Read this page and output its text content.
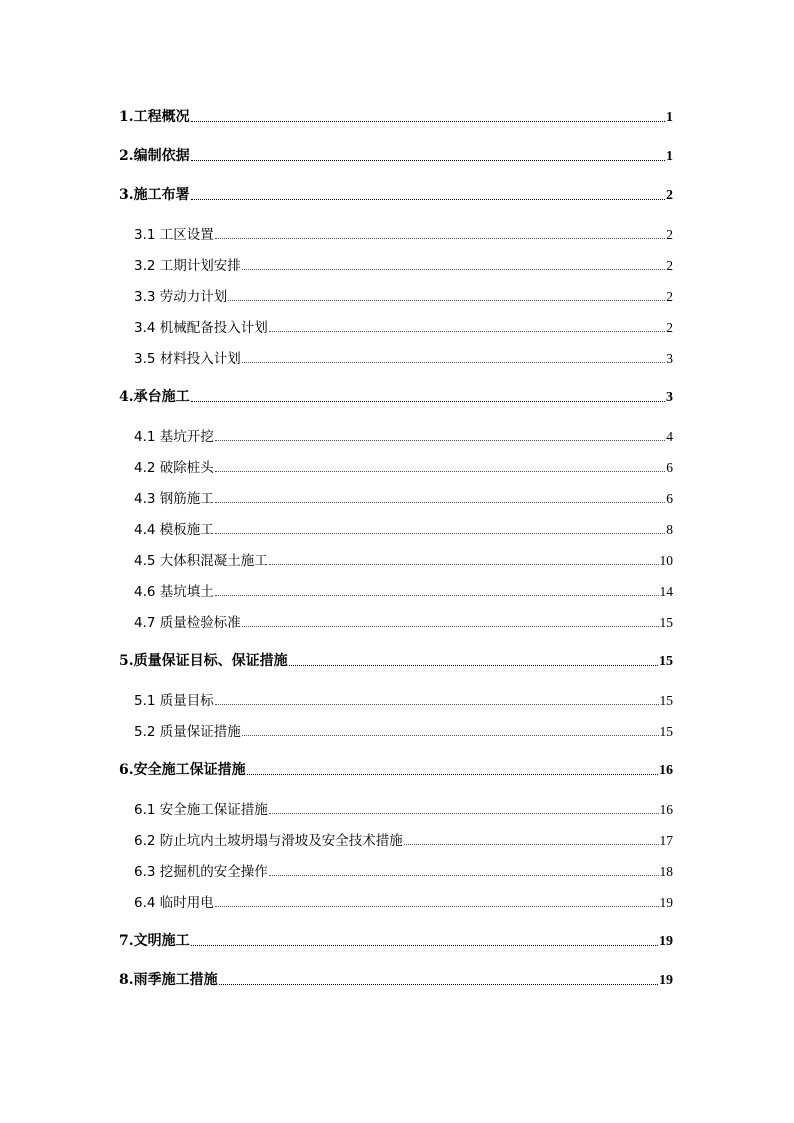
1.工程概况	1
2.编制依据	1
3.施工布署	2
3.1 工区设置	2
3.2 工期计划安排	2
3.3 劳动力计划	2
3.4 机械配备投入计划	2
3.5 材料投入计划	3
4.承台施工	3
4.1 基坑开挖	4
4.2 破除桩头	6
4.3 钢筋施工	6
4.4 模板施工	8
4.5 大体积混凝土施工	10
4.6 基坑填土	14
4.7 质量检验标准	15
5.质量保证目标、保证措施	15
5.1 质量目标	15
5.2 质量保证措施	15
6.安全施工保证措施	16
6.1 安全施工保证措施	16
6.2 防止坑内土坡坍塌与滑坡及安全技术措施	17
6.3 挖掘机的安全操作	18
6.4 临时用电	19
7.文明施工	19
8.雨季施工措施	19
